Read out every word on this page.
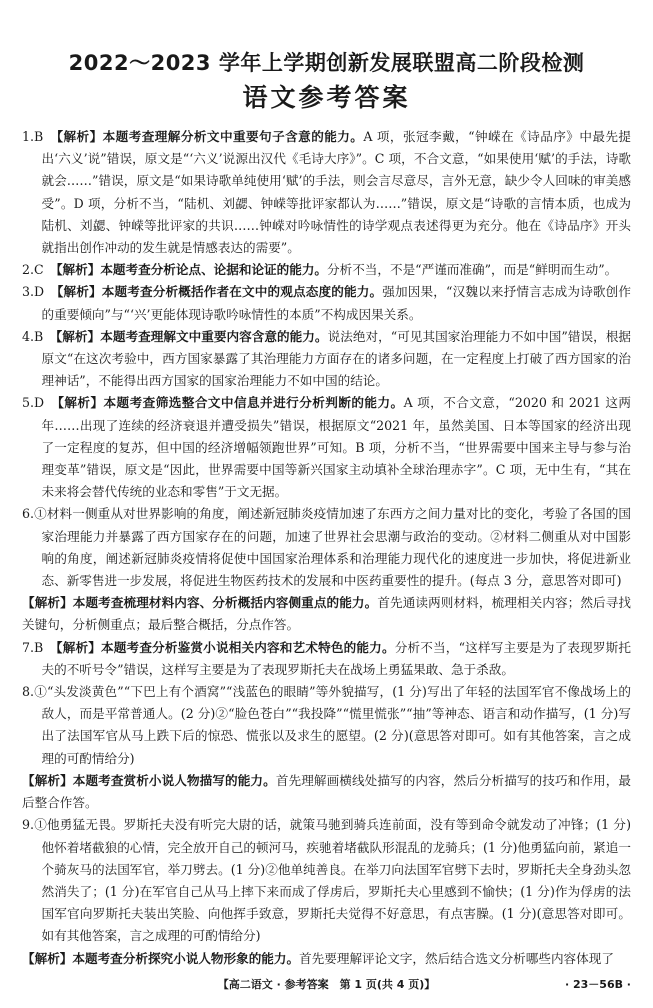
2022～2023 学年上学期创新发展联盟高二阶段检测
语文参考答案

1.B　 【解析】本题考查理解分析文中重要句子含意的能力。A 项，张冠李戴，“钟嵘在《诗品序》中最先提出‘六义’说”错误，原文是“‘六义’说源出汉代《毛诗大序》”。C 项，不合文意，“如果使用‘赋’的手法，诗歌就会……”错误，原文是“如果诗歌单纯使用‘赋’的手法，则会言尽意尽，言外无意，缺少令人回味的审美感受”。D 项，分析不当，“陆机、刘勰、钟嵘等批评家都认为……”错误，原文是“诗歌的言情本质，也成为陆机、刘勰、钟嵘等批评家的共识……钟嵘对吟咏情性的诗学观点表述得更为充分。他在《诗品序》开头就指出创作冲动的发生就是情感表达的需要”。

2.C　 【解析】本题考查分析论点、论据和论证的能力。分析不当，不是“严谨而准确”，而是“鲜明而生动”。

3.D　 【解析】本题考查分析概括作者在文中的观点态度的能力。强加因果，“汉魏以来抒情言志成为诗歌创作的重要倾向”与“‘兴’更能体现诗歌吟咏情性的本质”不构成因果关系。

4.B　 【解析】本题考查理解文中重要内容含意的能力。说法绝对，“可见其国家治理能力不如中国”错误，根据原文“在这次考验中，西方国家暴露了其治理能力方面存在的诸多问题，在一定程度上打破了西方国家的治理神话”，不能得出西方国家的国家治理能力不如中国的结论。

5.D　 【解析】本题考查筛选整合文中信息并进行分析判断的能力。A 项，不合文意，“2020 和 2021 这两年……出现了连续的经济衰退并遭受损失”错误，根据原文“2021 年，虽然美国、日本等国家的经济出现了一定程度的复苏，但中国的经济增幅领跑世界”可知。B 项，分析不当，“世界需要中国来主导与参与治理变革”错误，原文是“因此，世界需要中国等新兴国家主动填补全球治理赤字”。C 项，无中生有，“其在未来将会替代传统的业态和零售”于文无据。

6.①材料一侧重从对世界影响的角度，阐述新冠肺炎疫情加速了东西方之间力量对比的变化，考验了各国的国家治理能力并暴露了西方国家存在的问题，加速了世界社会思潮与政治的变动。②材料二侧重从对中国影响的角度，阐述新冠肺炎疫情将促使中国国家治理体系和治理能力现代化的速度进一步加快，将促进新业态、新零售进一步发展，将促进生物医药技术的发展和中医药重要性的提升。(每点 3 分，意思答对即可)

【解析】本题考查梳理材料内容、分析概括内容侧重点的能力。首先通读两则材料，梳理相关内容；然后寻找关键句，分析侧重点；最后整合概括，分点作答。

7.B　 【解析】本题考查分析鉴赏小说相关内容和艺术特色的能力。分析不当，“这样写主要是为了表现罗斯托夫的不听号令”错误，这样写主要是为了表现罗斯托夫在战场上勇猛果敢、急于杀敌。

8.①“头发淡黄色”“下巴上有个酒窝”“浅蓝色的眼睛”等外貌描写，(1 分)写出了年轻的法国军官不像战场上的敌人，而是平常普通人。(2 分)②“脸色苍白”“我投降”“慌里慌张”“抽”等神态、语言和动作描写，(1 分)写出了法国军官从马上跌下后的惊恐、慌张以及求生的愿望。(2 分)(意思答对即可。如有其他答案，言之成理的可酌情给分)

【解析】本题考查赏析小说人物描写的能力。首先理解画横线处描写的内容，然后分析描写的技巧和作用，最后整合作答。

9.①他勇猛无畏。罗斯托夫没有听完大尉的话，就策马驰到骑兵连前面，没有等到命令就发动了冲锋；(1 分)他怀着堵截狼的心情，完全放开自己的顿河马，疾驰着堵截队形混乱的龙骑兵；(1 分)他勇猛向前，紧追一个骑灰马的法国军官，举刀劈去。(1 分)②他单纯善良。在举刀向法国军官劈下去时，罗斯托夫全身劲头忽然消失了；(1 分)在军官自己从马上摔下来而成了俘虏后，罗斯托夫心里感到不愉快；(1 分)作为俘虏的法国军官向罗斯托夫装出笑脸、向他挥手致意，罗斯托夫觉得不好意思，有点害臊。(1 分)(意思答对即可。如有其他答案，言之成理的可酌情给分)

【解析】本题考查分析探究小说人物形象的能力。首先要理解评论文字，然后结合选文分析哪些内容体现了

【高二语文 · 参考答案　第 1 页(共 4 页)】	· 23－56B ·
